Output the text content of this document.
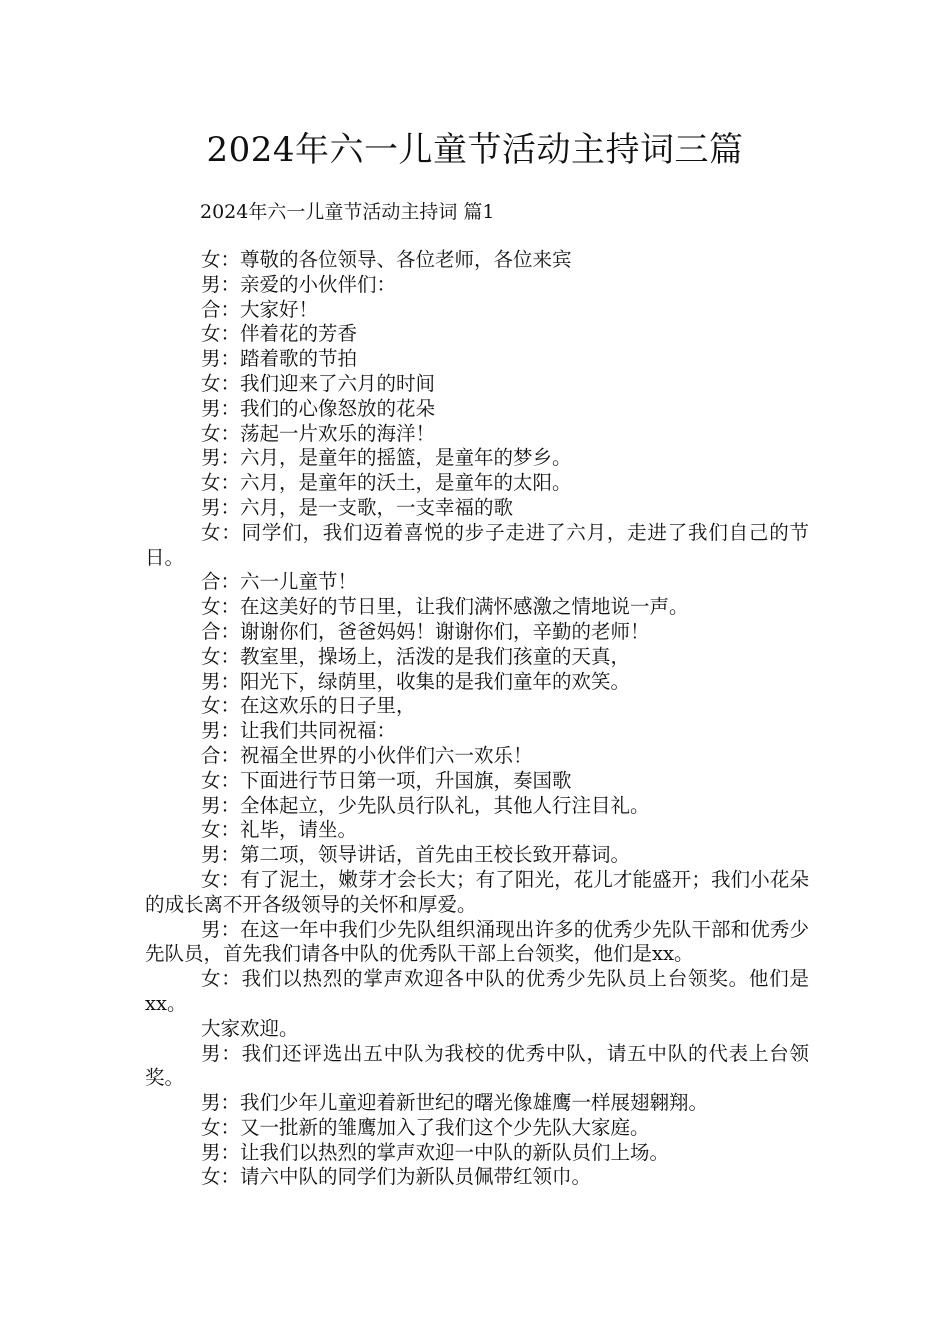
2024年六一儿童节活动主持词三篇
2024年六一儿童节活动主持词 篇1

女：尊敬的各位领导、各位老师，各位来宾

男：亲爱的小伙伴们：

合：大家好！

女：伴着花的芳香

男：踏着歌的节拍

女：我们迎来了六月的时间

男：我们的心像怒放的花朵

女：荡起一片欢乐的海洋！

男：六月，是童年的摇篮，是童年的梦乡。

女：六月，是童年的沃土，是童年的太阳。

男：六月，是一支歌，一支幸福的歌

女：同学们，我们迈着喜悦的步子走进了六月，走进了我们自己的节日。

合：六一儿童节！

女：在这美好的节日里，让我们满怀感激之情地说一声。

合：谢谢你们，爸爸妈妈！谢谢你们，辛勤的老师！

女：教室里，操场上，活泼的是我们孩童的天真，

男：阳光下，绿荫里，收集的是我们童年的欢笑。

女：在这欢乐的日子里，

男：让我们共同祝福：

合：祝福全世界的小伙伴们六一欢乐！

女：下面进行节日第一项，升国旗，奏国歌

男：全体起立，少先队员行队礼，其他人行注目礼。

女：礼毕，请坐。

男：第二项，领导讲话，首先由王校长致开幕词。

女：有了泥土，嫩芽才会长大；有了阳光，花儿才能盛开；我们小花朵的成长离不开各级领导的关怀和厚爱。

男：在这一年中我们少先队组织涌现出许多的优秀少先队干部和优秀少先队员，首先我们请各中队的优秀队干部上台领奖，他们是xx。

女：我们以热烈的掌声欢迎各中队的优秀少先队员上台领奖。他们是xx。

大家欢迎。

男：我们还评选出五中队为我校的优秀中队，请五中队的代表上台领奖。

男：我们少年儿童迎着新世纪的曙光像雄鹰一样展翅翱翔。

女：又一批新的雏鹰加入了我们这个少先队大家庭。

男：让我们以热烈的掌声欢迎一中队的新队员们上场。

女：请六中队的同学们为新队员佩带红领巾。
